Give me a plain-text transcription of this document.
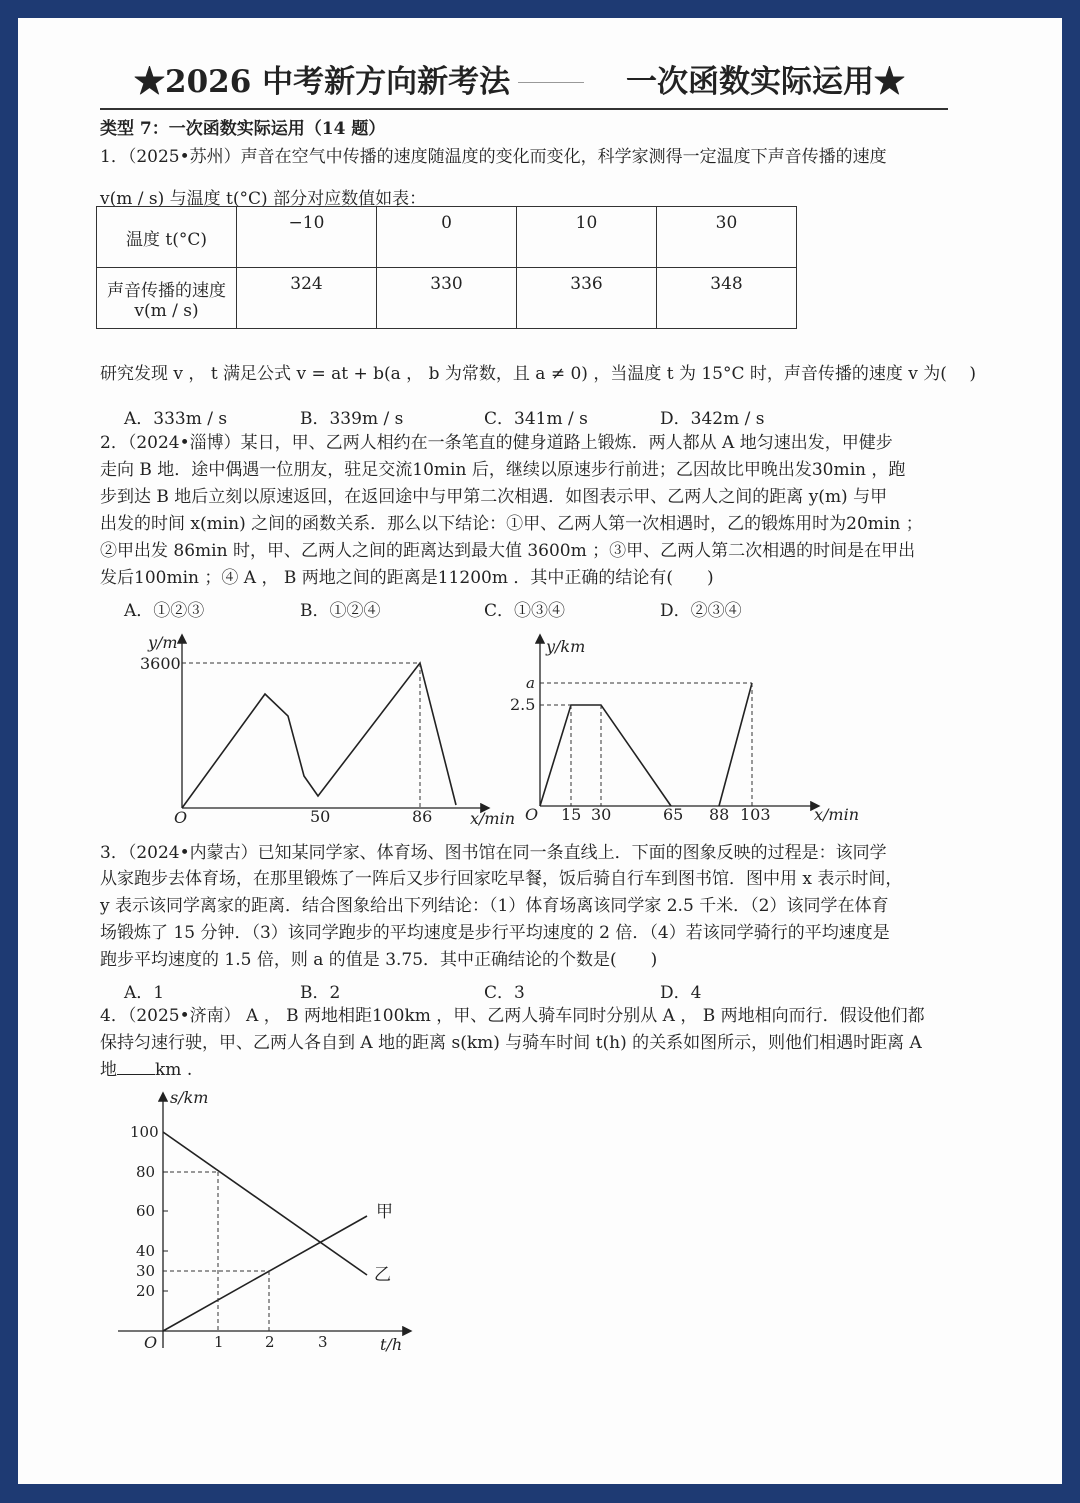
★2026 中考新方向新考法	一次函数实际运用★
类型 7：一次函数实际运用（14 题）
1．（2025•苏州）声音在空气中传播的速度随温度的变化而变化，科学家测得一定温度下声音传播的速度
v(m / s) 与温度 t(°C) 部分对应数值如表：
温度 t(°C)	−10	0	10	30

声音传播的速度
v(m / s)	324	330	336	348
研究发现 v ， t 满足公式 v = at + b(a ， b 为常数，且 a ≠ 0) ，当温度 t 为 15°C 时，声音传播的速度 v 为(　 )
A．333m / s	B．339m / s	C．341m / s	D．342m / s
2．（2024•淄博）某日，甲、乙两人相约在一条笔直的健身道路上锻炼．两人都从 A 地匀速出发，甲健步
走向 B 地．途中偶遇一位朋友，驻足交流10min 后，继续以原速步行前进；乙因故比甲晚出发30min ，跑
步到达 B 地后立刻以原速返回，在返回途中与甲第二次相遇．如图表示甲、乙两人之间的距离 y(m) 与甲
出发的时间 x(min) 之间的函数关系．那么以下结论：①甲、乙两人第一次相遇时，乙的锻炼用时为20min ；
②甲出发 86min 时，甲、乙两人之间的距离达到最大值 3600m ；③甲、乙两人第二次相遇的时间是在甲出
发后100min ；④ A ， B 两地之间的距离是11200m ．其中正确的结论有(　　)
A．①②③	B．①②④	C．①③④	D．②③④
y/m
3600
O	50	86 x/min
y/km
a
2.5
O 15 30	65 88 103	x/min
3．（2024•内蒙古）已知某同学家、体育场、图书馆在同一条直线上．下面的图象反映的过程是：该同学
从家跑步去体育场，在那里锻炼了一阵后又步行回家吃早餐，饭后骑自行车到图书馆．图中用 x 表示时间，
y 表示该同学离家的距离．结合图象给出下列结论：（1）体育场离该同学家 2.5 千米．（2）该同学在体育
场锻炼了 15 分钟．（3）该同学跑步的平均速度是步行平均速度的 2 倍．（4）若该同学骑行的平均速度是
跑步平均速度的 1.5 倍，则 a 的值是 3.75．其中正确结论的个数是(　　)
A．1	B．2	C．3	D．4
4．（2025•济南） A ， B 两地相距100km ，甲、乙两人骑车同时分别从 A ， B 两地相向而行．假设他们都
保持匀速行驶，甲、乙两人各自到 A 地的距离 s(km) 与骑车时间 t(h) 的关系如图所示，则他们相遇时距离 A
地 km .
s/km
100
80
60
40
30
20
O	1	2	3	t/h
甲
乙
